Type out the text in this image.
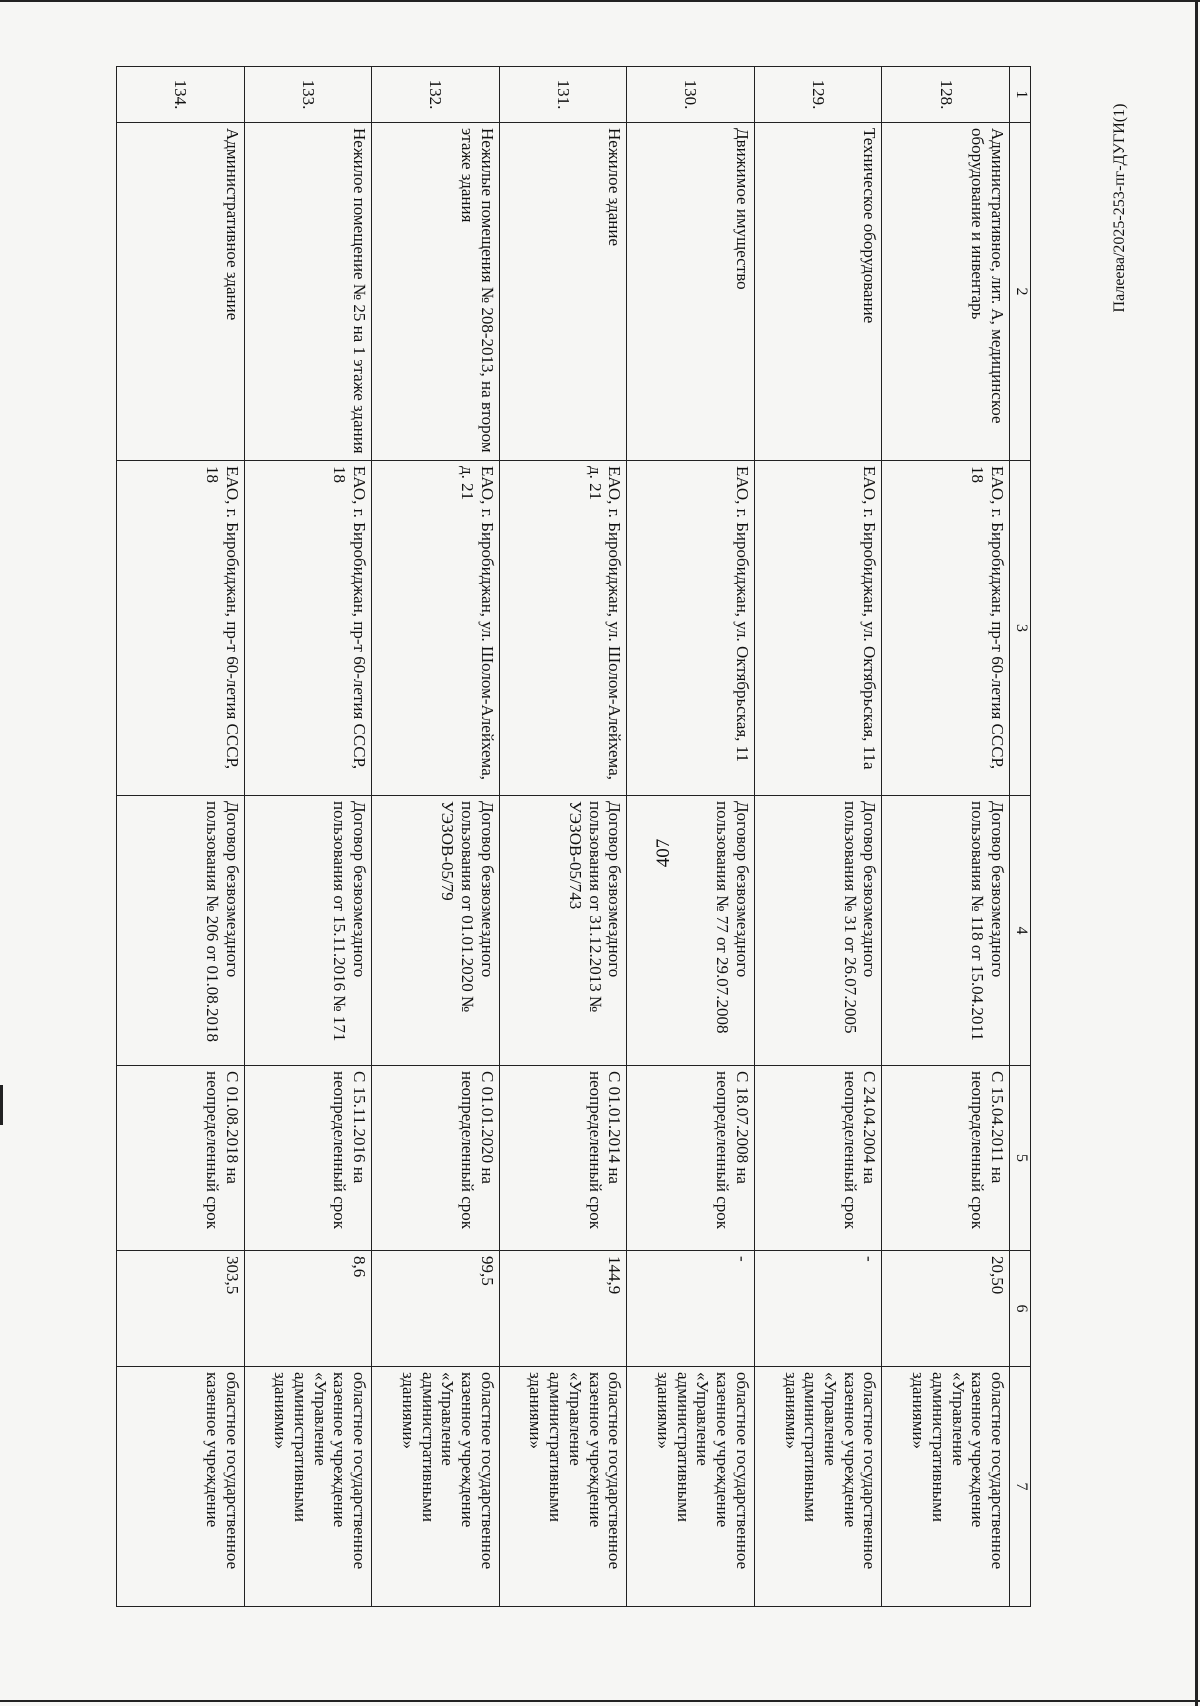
407
Палеева/2025-253-пг-ДУГИ(1)
1	2	3	4	5	6	7
128.	Административное, лит. А, медицинское оборудование и инвентарь	ЕАО, г. Биробиджан, пр-т 60-летия СССР, 18	Договор безвозмездного пользования № 118 от 15.04.2011	С 15.04.2011 на неопределенный срок	20,50	областное государственное казенное учреждение «Управление административными зданиями»
129.	Техническое оборудование	ЕАО, г. Биробиджан, ул. Октябрьская, 11а	Договор безвозмездного пользования № 31 от 26.07.2005	С 24.04.2004 на неопределенный срок	-	областное государственное казенное учреждение «Управление административными зданиями»
130.	Движимое имущество	ЕАО, г. Биробиджан, ул. Октябрьская, 11	Договор безвозмездного пользования № 77 от 29.07.2008	С 18.07.2008 на неопределенный срок	-	областное государственное казенное учреждение «Управление административными зданиями»
131.	Нежилое здание	ЕАО, г. Биробиджан, ул. Шолом-Алейхема, д. 21	Договор безвозмездного пользования от 31.12.2013 № УЭЗОВ-05/743	С 01.01.2014 на неопределенный срок	144,9	областное государственное казенное учреждение «Управление административными зданиями»
132.	Нежилые помещения № 208-2013, на втором этаже здания	ЕАО, г. Биробиджан, ул. Шолом-Алейхема, д. 21	Договор безвозмездного пользования от 01.01.2020 № УЭЗОВ-05/79	С 01.01.2020 на неопределенный срок	99,5	областное государственное казенное учреждение «Управление административными зданиями»
133.	Нежилое помещение № 25 на 1 этаже здания	ЕАО, г. Биробиджан, пр-т 60-летия СССР, 18	Договор безвозмездного пользования от 15.11.2016 № 171	С 15.11.2016 на неопределенный срок	8,6	областное государственное казенное учреждение «Управление административными зданиями»
134.	Административное здание	ЕАО, г. Биробиджан, пр-т 60-летия СССР, 18	Договор безвозмездного пользования № 206 от 01.08.2018	С 01.08.2018 на неопределенный срок	303,5	областное государственное казенное учреждение
